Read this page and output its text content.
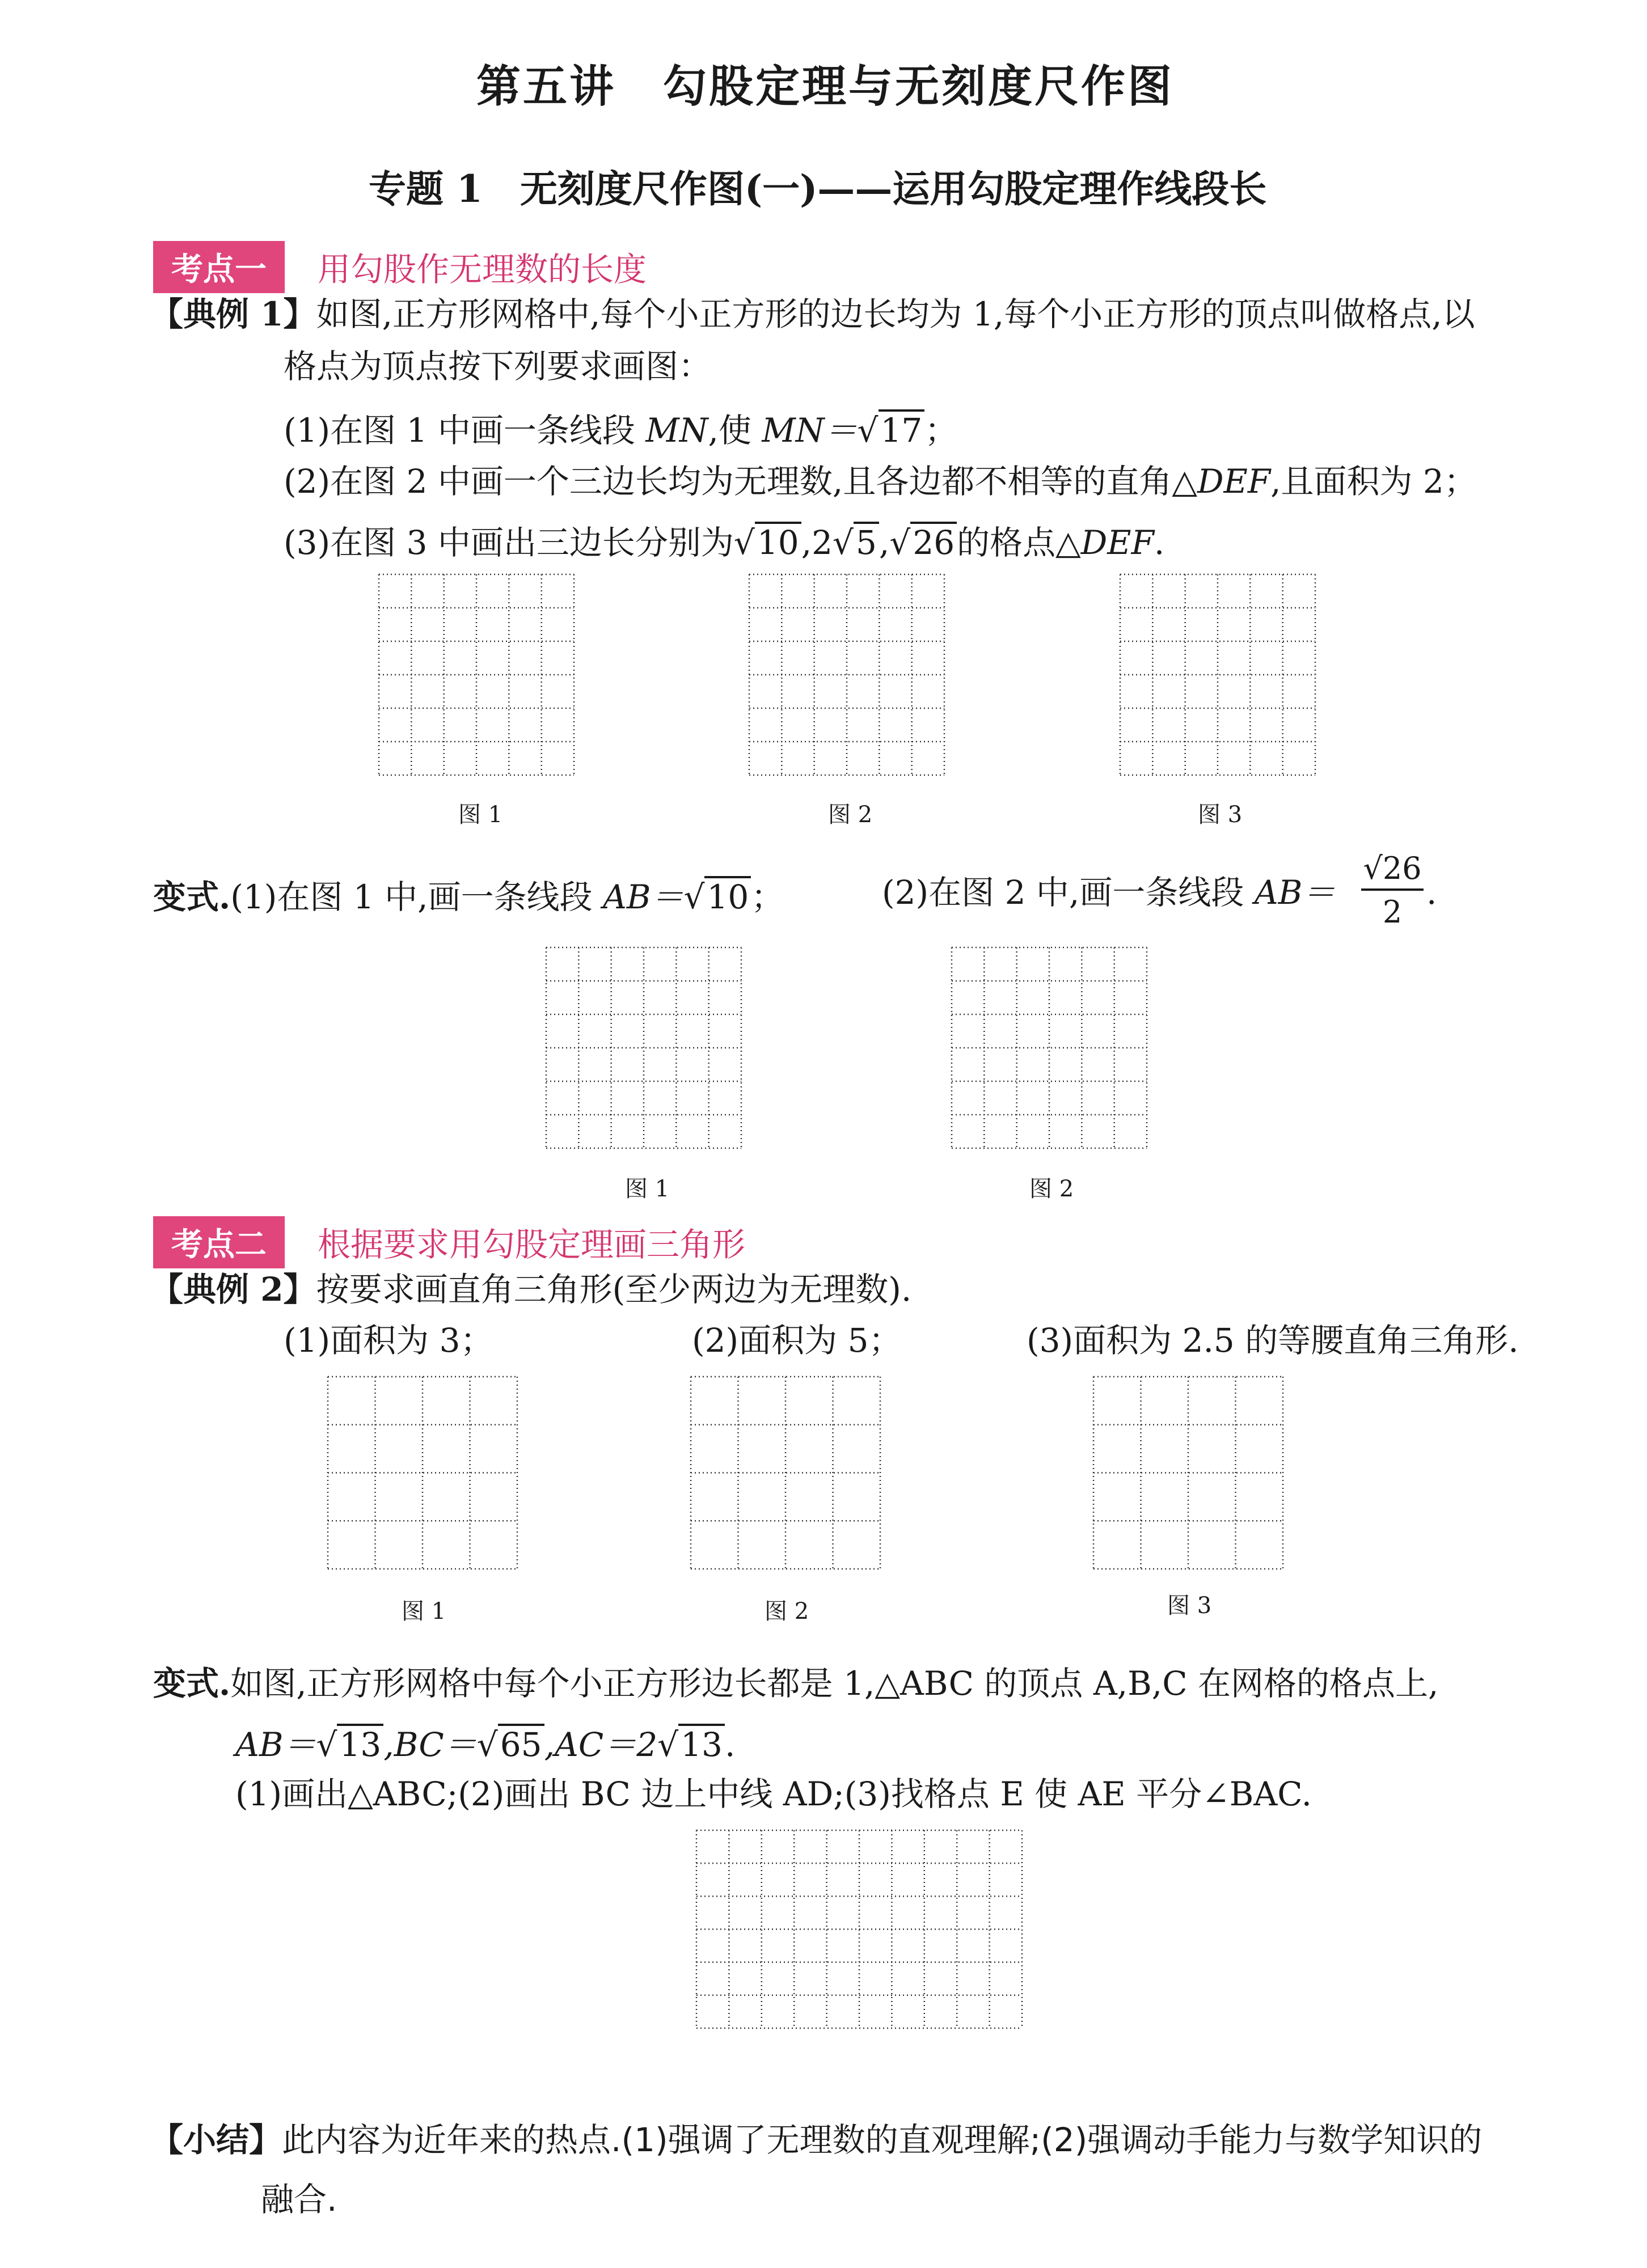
第五讲　勾股定理与无刻度尺作图
专题 1　无刻度尺作图(一)——运用勾股定理作线段长
考点一	用勾股作无理数的长度
【典例 1】如图,正方形网格中,每个小正方形的边长均为 1,每个小正方形的顶点叫做格点,以
格点为顶点按下列要求画图：
(1)在图 1 中画一条线段 MN,使 MN＝√17；
(2)在图 2 中画一个三边长均为无理数,且各边都不相等的直角△DEF,且面积为 2；
(3)在图 3 中画出三边长分别为√10,2√5,√26的格点△DEF.
图 1	图 2	图 3
变式.(1)在图 1 中,画一条线段 AB＝√10；	(2)在图 2 中,画一条线段 $AB= \frac{√26}{2}$ .
图 1	图 2
考点二	根据要求用勾股定理画三角形
【典例 2】按要求画直角三角形(至少两边为无理数).
(1)面积为 3；	(2)面积为 5；	(3)面积为 2.5 的等腰直角三角形.
图 1	图 2	图 3
变式.如图,正方形网格中每个小正方形边长都是 1,△ABC 的顶点 A,B,C 在网格的格点上,
AB＝√13,BC＝√65,AC＝2√13.
(1)画出△ABC;(2)画出 BC 边上中线 AD;(3)找格点 E 使 AE 平分∠BAC.
【小结】此内容为近年来的热点.(1)强调了无理数的直观理解;(2)强调动手能力与数学知识的
融合.
